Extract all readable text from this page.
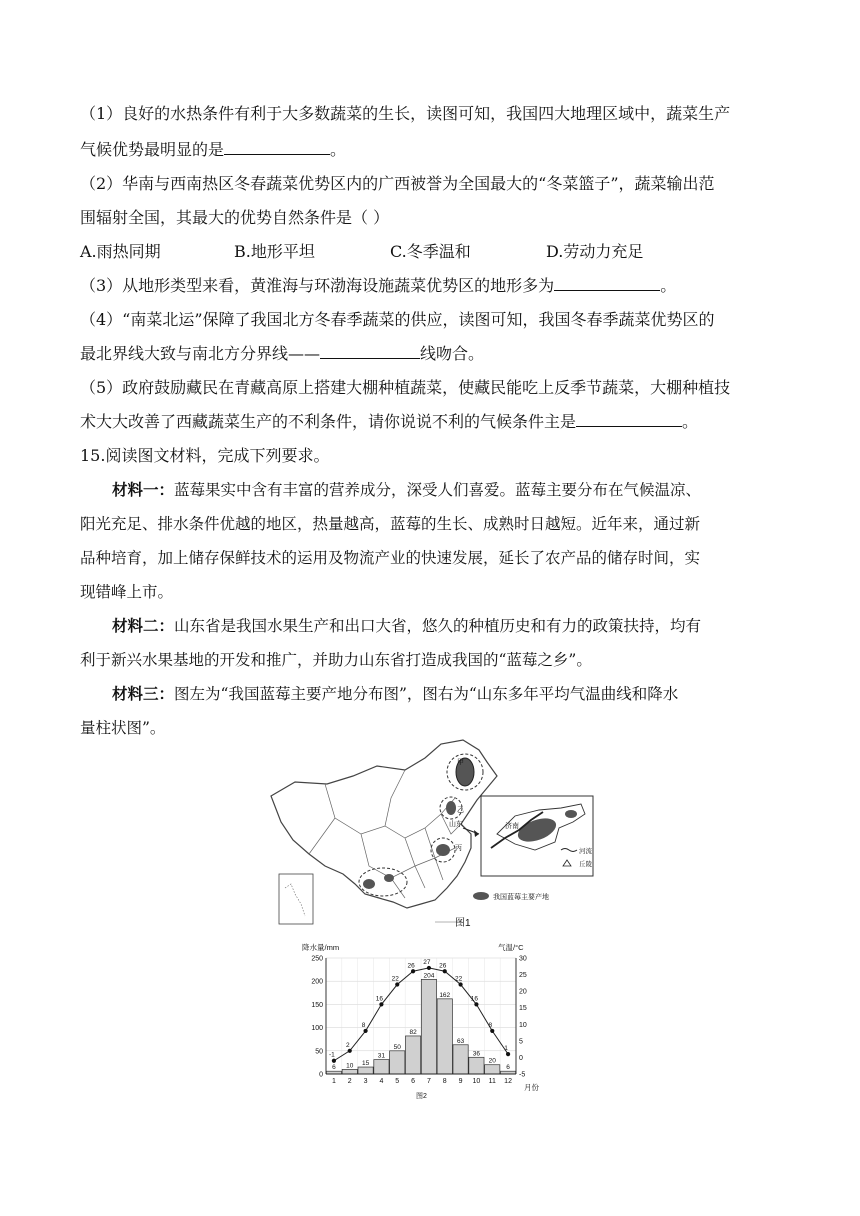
（1）良好的水热条件有利于大多数蔬菜的生长，读图可知，我国四大地理区域中，蔬菜生产
气候优势最明显的是	。
（2）华南与西南热区冬春蔬菜优势区内的广西被誉为全国最大的“冬菜篮子”，蔬菜输出范
围辐射全国，其最大的优势自然条件是（ ）
A.雨热同期	B.地形平坦	C.冬季温和	D.劳动力充足
（3）从地形类型来看，黄淮海与环渤海设施蔬菜优势区的地形多为	。
（4）“南菜北运”保障了我国北方冬春季蔬菜的供应，读图可知，我国冬春季蔬菜优势区的
最北界线大致与南北方分界线——	线吻合。
（5）政府鼓励藏民在青藏高原上搭建大棚种植蔬菜，使藏民能吃上反季节蔬菜，大棚种植技
术大大改善了西藏蔬菜生产的不利条件，请你说说不利的气候条件主是	。
15.阅读图文材料，完成下列要求。
材料一：蓝莓果实中含有丰富的营养成分，深受人们喜爱。蓝莓主要分布在气候温凉、
阳光充足、排水条件优越的地区，热量越高，蓝莓的生长、成熟时日越短。近年来，通过新
品种培育，加上储存保鲜技术的运用及物流产业的快速发展，延长了农产品的储存时间，实
现错峰上市。
材料二：山东省是我国水果生产和出口大省，悠久的种植历史和有力的政策扶持，均有
利于新兴水果基地的开发和推广，并助力山东省打造成我国的“蓝莓之乡”。
材料三：图左为“我国蓝莓主要产地分布图”，图右为“山东多年平均气温曲线和降水
量柱状图”。
甲
乙
丙
山东	济南
河流
丘陵
我国蓝莓主要产地
图1
降水量/mm	气温/°C
月份
图2
6 10 15
31
50
82
204
162
63
36
20
6
-1
2
8
16
22
26 27 26
22
16
8
1
250
200
150
100
50
0
30
25
20
15
10
5
0
-5
1 2 3 4 5 6 7 8 9 10 11 12
